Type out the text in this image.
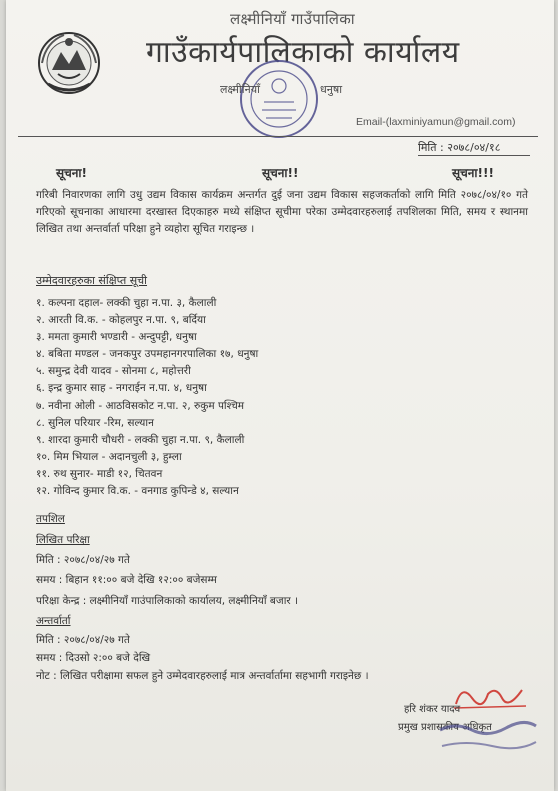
लक्ष्मीनियाँ गाउँपालिका
गाउँकार्यपालिकाको कार्यालय
लक्ष्मीनियाँ	धनुषा
Email-(laxminiyamun@gmail.com)
मिति : २०७८/०४/१८
सूचना!	सूचना!!	सूचना!!!
गरिबी निवारणका लागि उधु उद्यम विकास कार्यक्रम अन्तर्गत दुई जना उद्यम विकास सहजकर्ताको लागि मिति २०७८/०४/१० गते गरिएको सूचनाका आधारमा दरखास्त दिएकाहरु मध्ये संक्षिप्त सूचीमा परेका उम्मेदवारहरुलाई तपशिलका मिति, समय र स्थानमा लिखित तथा अन्तर्वार्ता परिक्षा हुने व्यहोरा सूचित गराइन्छ ।
उम्मेदवारहरुका संक्षिप्त सूची
१. कल्पना दहाल- लक्की चुहा न.पा. ३, कैलाली
२. आरती वि.क. - कोहलपुर न.पा. ९, बर्दिया
३. ममता कुमारी भण्डारी - अन्दुपट्टी, धनुषा
४. बबिता मण्डल - जनकपुर उपमहानगरपालिका १७, धनुषा
५. समुन्द्र देवी यादव - सोनमा ८, महोत्तरी
६. इन्द्र कुमार साह - नगराईन न.पा. ४, धनुषा
७. नवीना ओली - आठविसकोट न.पा. २, रुकुम पश्चिम
८. सुनिल परियार -रिम, सल्यान
९. शारदा कुमारी चौधरी - लक्की चुहा न.पा. ९, कैलाली
१०. मिम भियाल - अदानचुली ३, हुम्ला
११. रुथ सुनार- माडी १२, चितवन
१२. गोविन्द कुमार वि.क. - वनगाड कुपिन्डे ४, सल्यान
तपशिल
लिखित परिक्षा
मिति : २०७८/०४/२७ गते
समय : बिहान ११:०० बजे देखि १२:०० बजेसम्म
परिक्षा केन्द्र : लक्ष्मीनियाँ गाउंपालिकाको कार्यालय, लक्ष्मीनियाँ बजार ।
अन्तर्वार्ता
मिति : २०७८/०४/२७ गते
समय : दिउसो २:०० बजे देखि
नोट : लिखित परीक्षामा सफल हुने उम्मेदवारहरुलाई मात्र अन्तर्वार्तामा सहभागी गराइनेछ ।
हरि शंकर यादव
प्रमुख प्रशासकीय अधिकृत
